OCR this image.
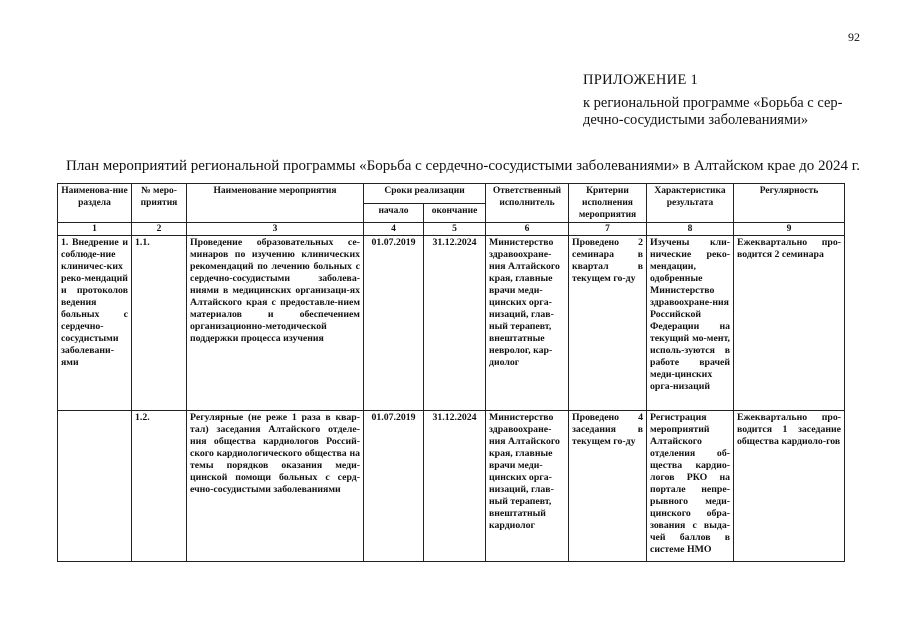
92
ПРИЛОЖЕНИЕ 1
к региональной программе «Борьба с сер-
дечно-сосудистыми заболеваниями»
План мероприятий региональной программы «Борьба с сердечно-сосудистыми заболеваниями» в Алтайском крае до 2024 г.
Наименова-ние раздела	№ меро-приятия	Наименование мероприятия	Сроки реализации		Ответственный исполнитель	Критерии исполнения мероприятия	Характеристика результата	Регулярность
			начало	окончание				
1	2	3	4	5	6	7	8	9
1. Внедрение и соблюде-ние клиничес-ких реко-мендаций и протоколов ведения больных с сердечно-сосудистыми заболевани-ями	1.1.	Проведение образовательных се-минаров по изучению клинических рекомендаций по лечению больных с сердечно-сосудистыми заболева-ниями в медицинских организаци-ях Алтайского края с предоставле-нием материалов и обеспечением организационно-методической поддержки процесса изучения	01.07.2019	31.12.2024	Министерство здравоохране-ния Алтайского края, главные врачи меди-цинских орга-низаций, глав-ный терапевт, внештатные невролог, кар-диолог	Проведено 2 семинара в квартал в текущем го-ду	Изучены кли-нические реко-мендации, одобренные Министерство здравоохране-ния Российской Федерации на текущий мо-мент, исполь-зуются в работе врачей меди-цинских орга-низаций	Ежеквартально про-водится 2 семинара
	1.2.	Регулярные (не реже 1 раза в квар-тал) заседания Алтайского отделе-ния общества кардиологов Россий-ского кардиологического общества на темы порядков оказания меди-цинской помощи больных с серд-ечно-сосудистыми заболеваниями	01.07.2019	31.12.2024	Министерство здравоохране-ния Алтайского края, главные врачи меди-цинских орга-низаций, глав-ный терапевт, внештатный кардиолог	Проведено 4 заседания в текущем го-ду	Регистрация мероприятий Алтайского отделения об-щества кардио-логов РКО на портале непре-рывного меди-цинского обра-зования с выда-чей баллов в системе НМО	Ежеквартально про-водится 1 заседание общества кардиоло-гов
